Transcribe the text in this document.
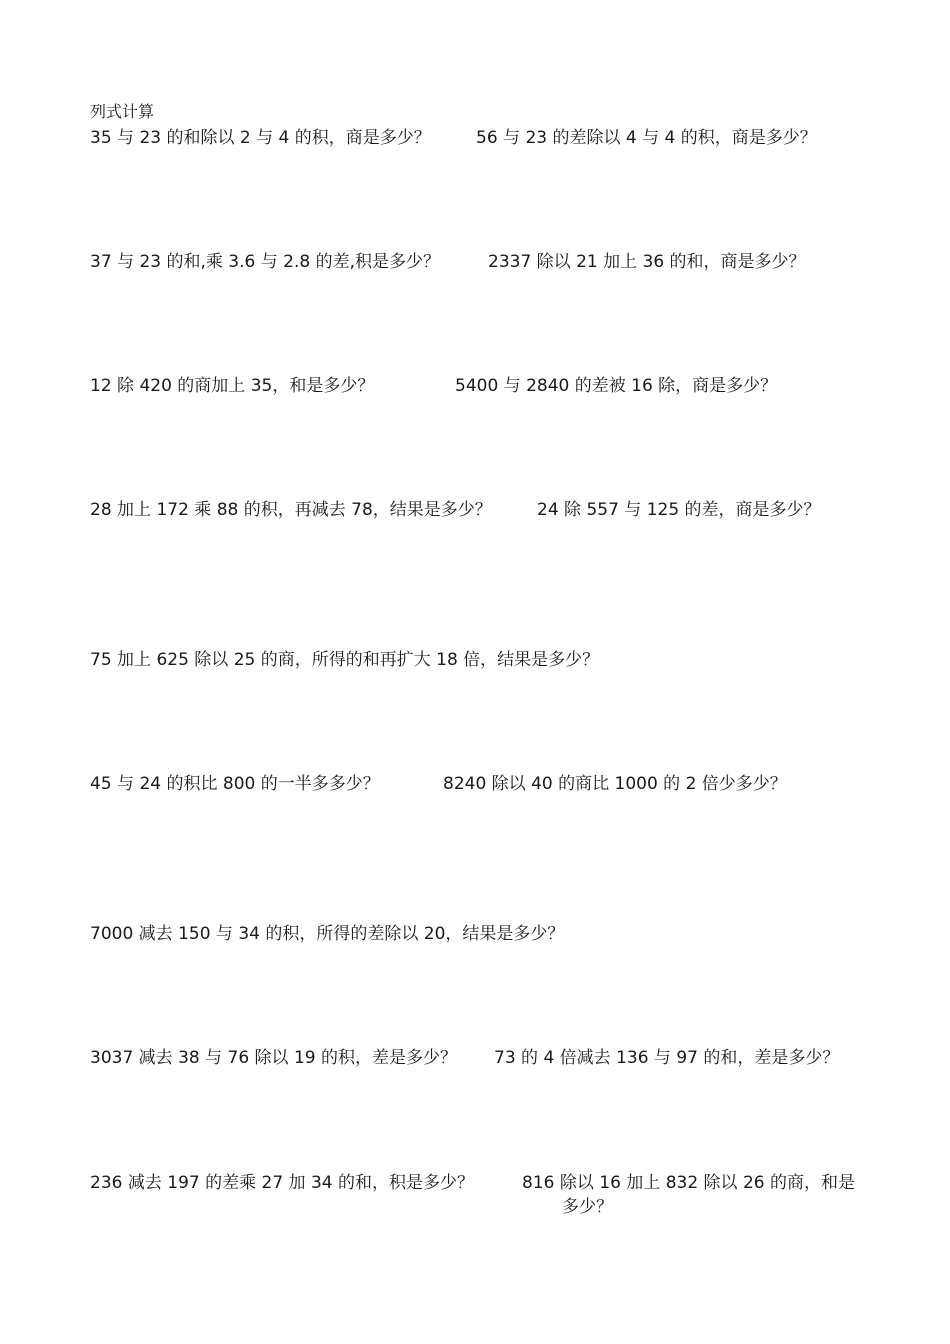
列式计算
35 与 23 的和除以 2 与 4 的积，商是多少？	56 与 23 的差除以 4 与 4 的积，商是多少？
37 与 23 的和,乘 3.6 与 2.8 的差,积是多少？	2337 除以 21 加上 36 的和，商是多少？
12 除 420 的商加上 35，和是多少？	5400 与 2840 的差被 16 除，商是多少？
28 加上 172 乘 88 的积，再减去 78，结果是多少？	24 除 557 与 125 的差，商是多少？
75 加上 625 除以 25 的商，所得的和再扩大 18 倍，结果是多少？
45 与 24 的积比 800 的一半多多少？	8240 除以 40 的商比 1000 的 2 倍少多少？
7000 减去 150 与 34 的积，所得的差除以 20，结果是多少？
3037 减去 38 与 76 除以 19 的积，差是多少？ 73 的 4 倍减去 136 与 97 的和，差是多少？
236 减去 197 的差乘 27 加 34 的和，积是多少？	816 除以 16 加上 832 除以 26 的商，和是
多少？
